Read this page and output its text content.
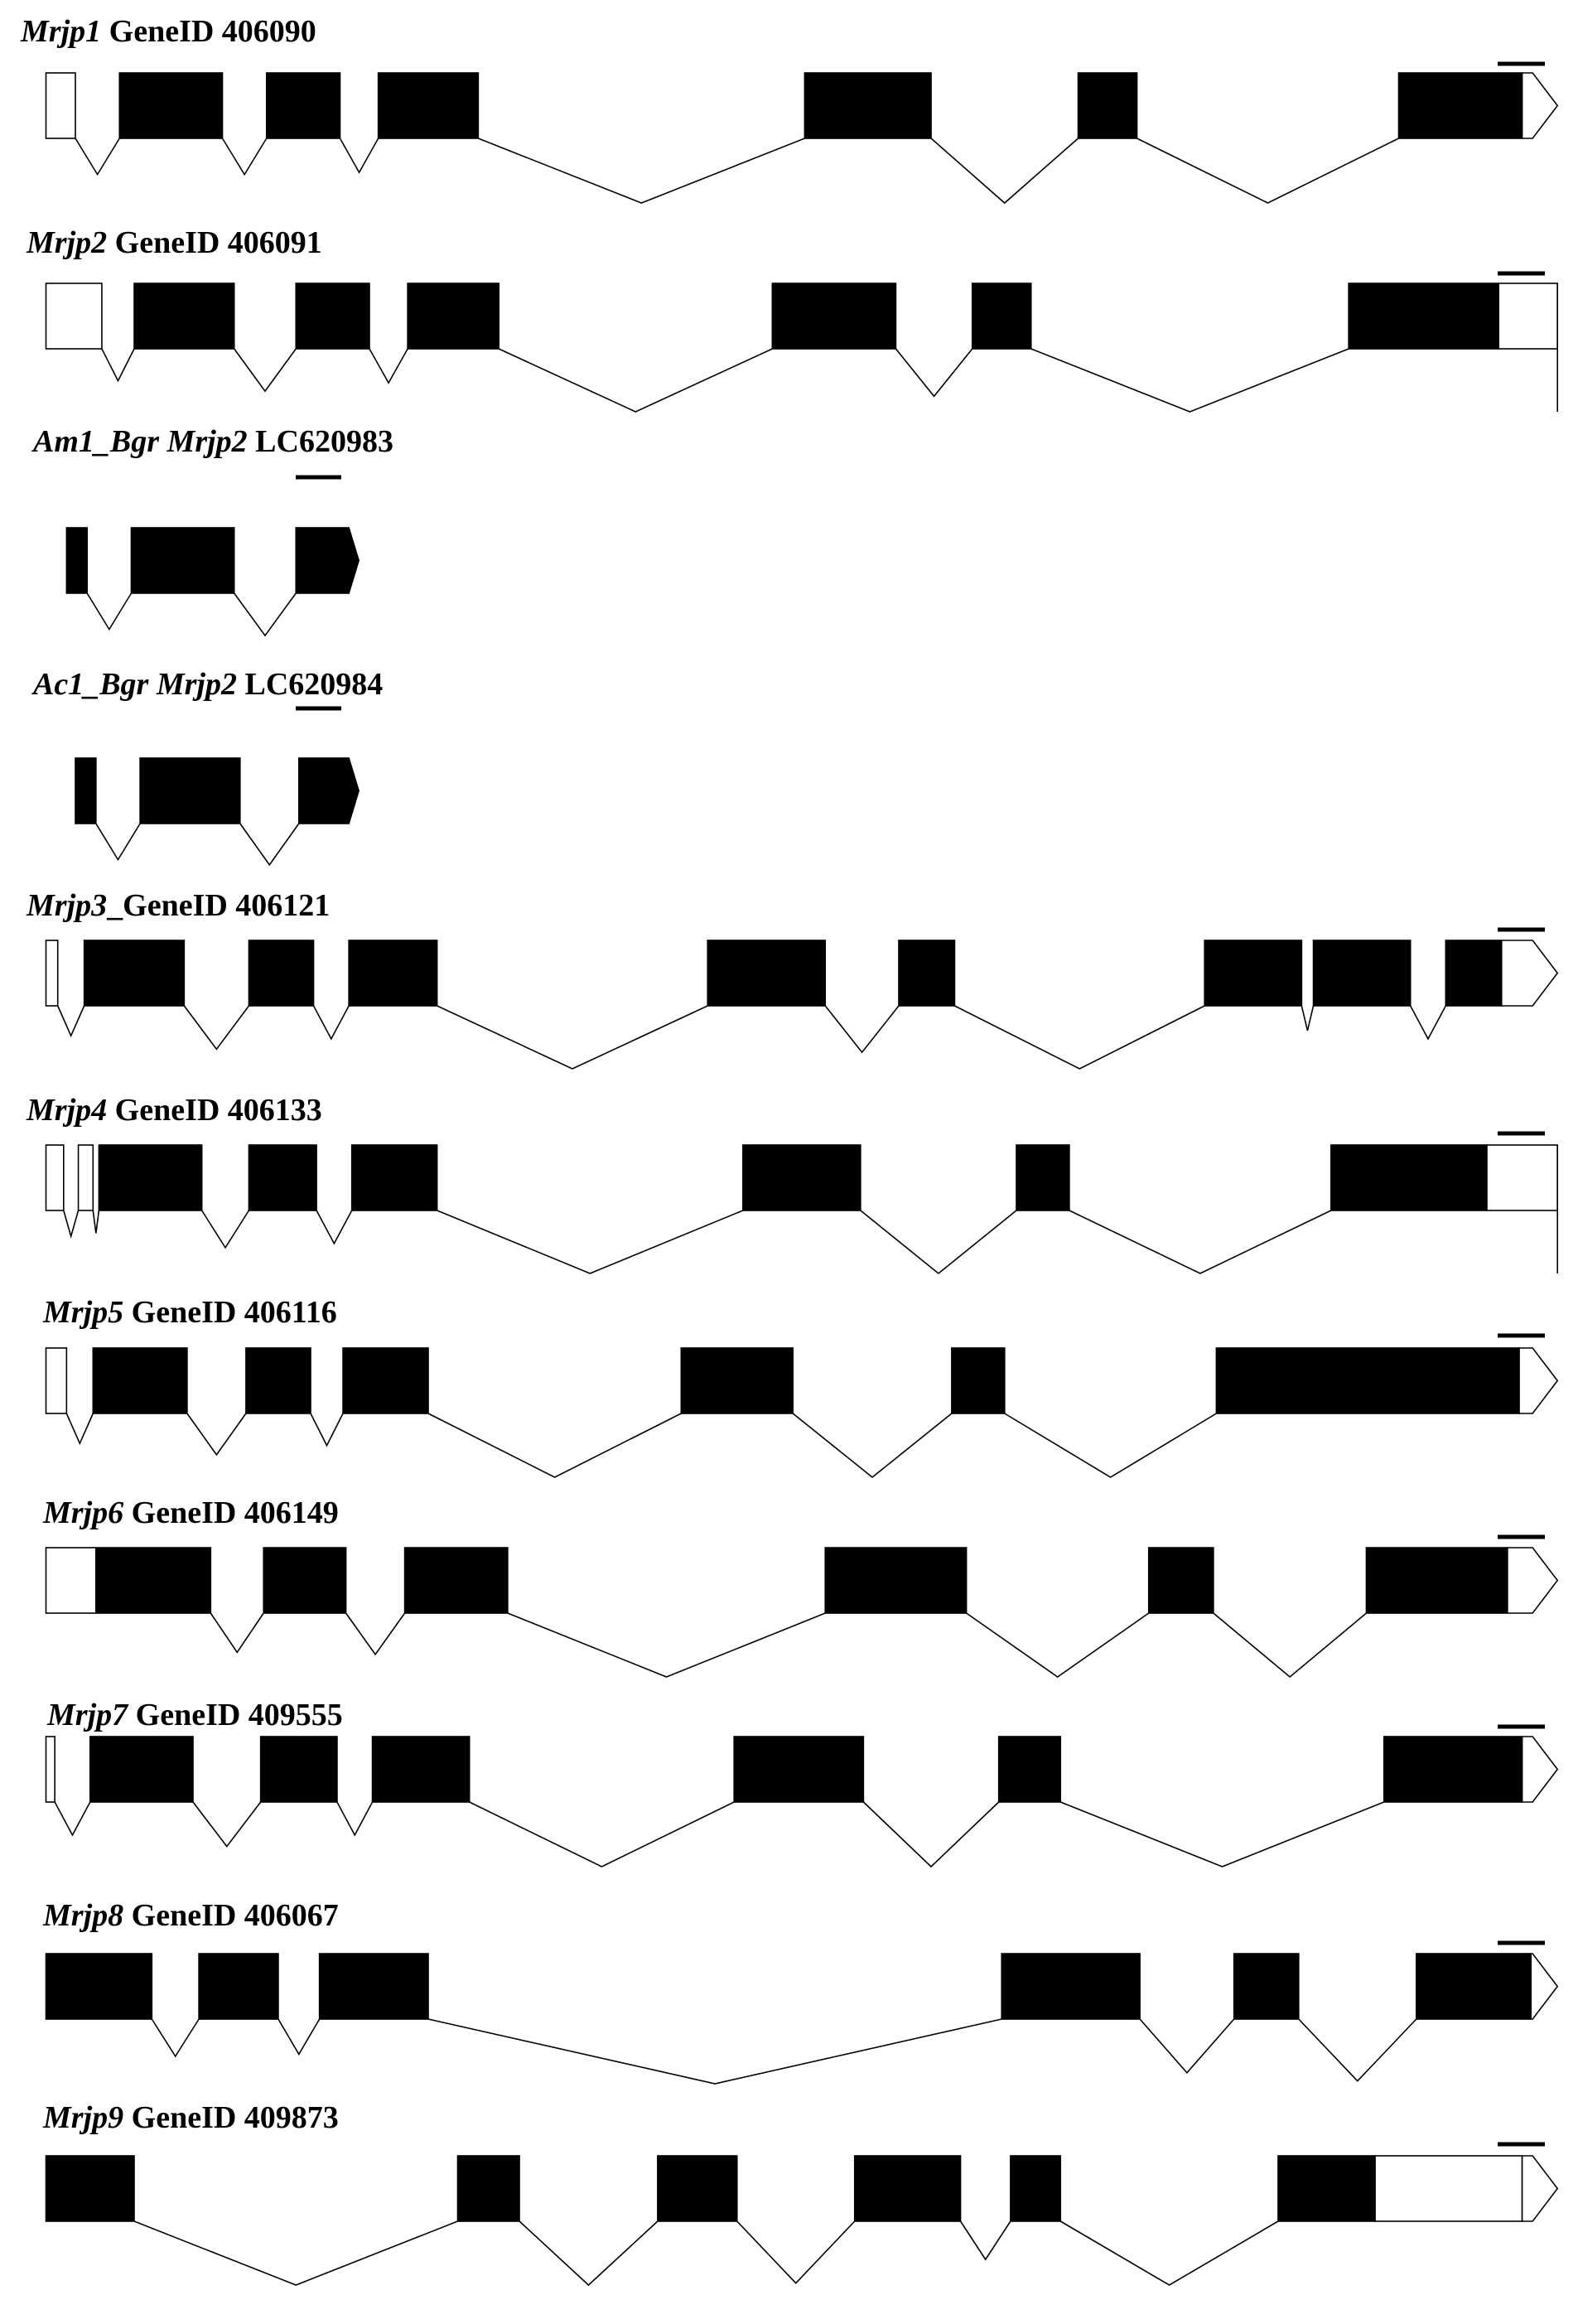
Mrjp1 GeneID 406090
Mrjp2 GeneID 406091
Am1_Bgr Mrjp2 LC620983
Ac1_Bgr Mrjp2 LC620984
Mrjp3_GeneID 406121
Mrjp4 GeneID 406133
Mrjp5 GeneID 406116
Mrjp6 GeneID 406149
Mrjp7 GeneID 409555
Mrjp8 GeneID 406067
Mrjp9 GeneID 409873
